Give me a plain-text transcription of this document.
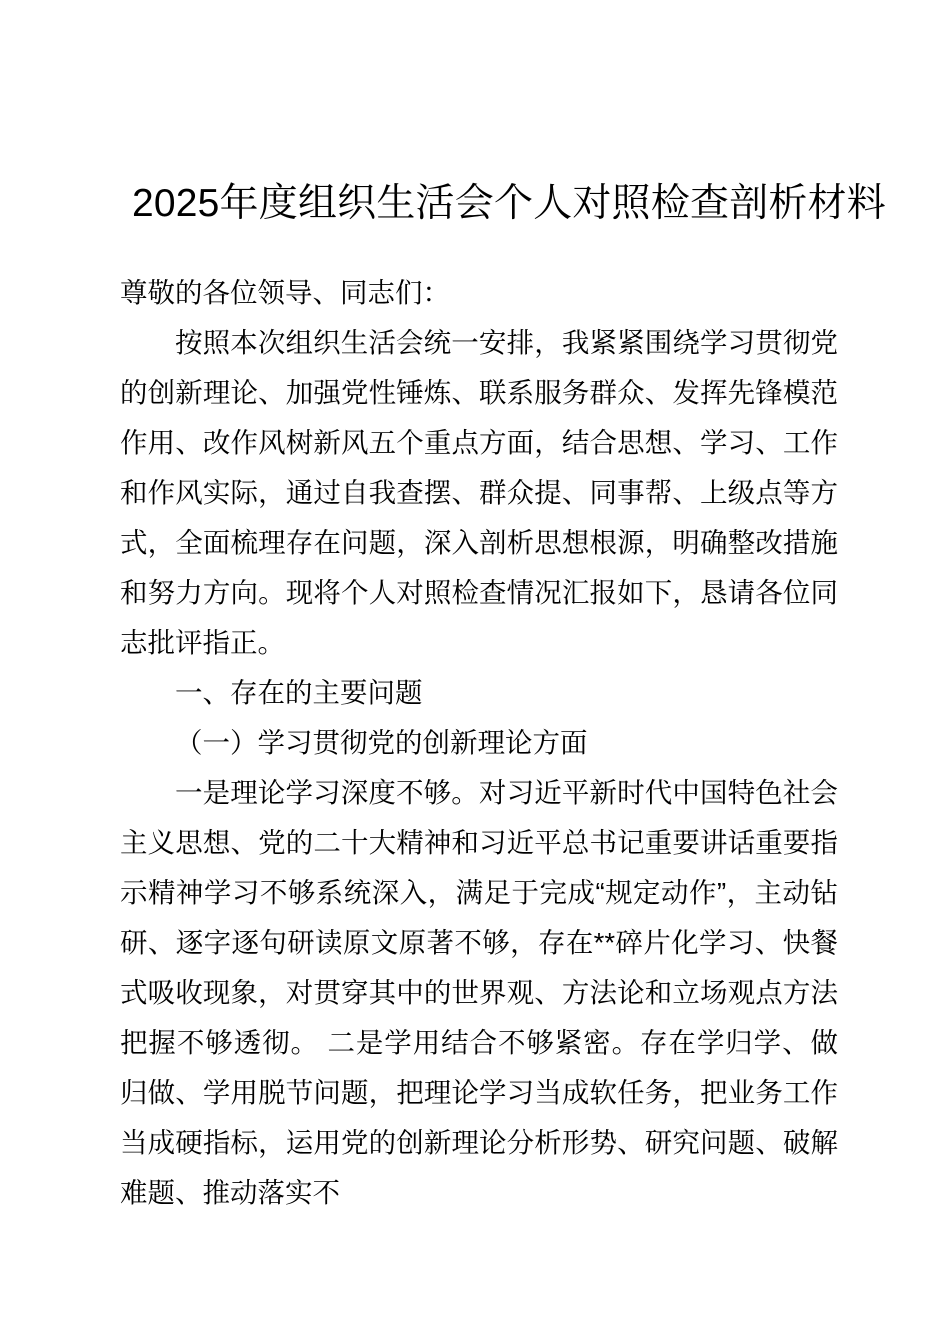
2025年度组织生活会个人对照检查剖析材料

尊敬的各位领导、同志们：

按照本次组织生活会统一安排，我紧紧围绕学习贯彻党的创新理论、加强党性锤炼、联系服务群众、发挥先锋模范作用、改作风树新风五个重点方面，结合思想、学习、工作和作风实际，通过自我查摆、群众提、同事帮、上级点等方式，全面梳理存在问题，深入剖析思想根源，明确整改措施和努力方向。现将个人对照检查情况汇报如下，恳请各位同志批评指正。

一、存在的主要问题

（一）学习贯彻党的创新理论方面

一是理论学习深度不够。对习近平新时代中国特色社会主义思想、党的二十大精神和习近平总书记重要讲话重要指示精神学习不够系统深入，满足于完成“规定动作”，主动钻研、逐字逐句研读原文原著不够，存在**碎片化学习、快餐式吸收现象，对贯穿其中的世界观、方法论和立场观点方法把握不够透彻。 二是学用结合不够紧密。存在学归学、做归做、学用脱节问题，把理论学习当成软任务，把业务工作当成硬指标，运用党的创新理论分析形势、研究问题、破解难题、推动落实不
